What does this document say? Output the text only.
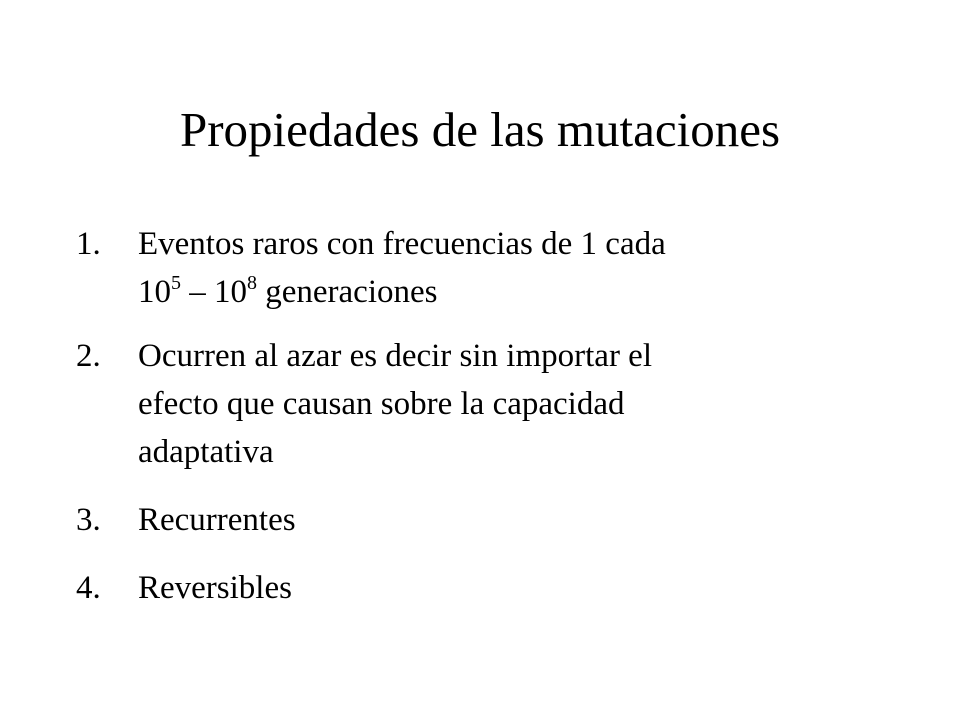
Propiedades de las mutaciones
1. Eventos raros con frecuencias de 1 cada
$10^5 - 10^8$ generaciones
2. Ocurren al azar es decir sin importar el
efecto que causan sobre la capacidad
adaptativa
3. Recurrentes
4. Reversibles
